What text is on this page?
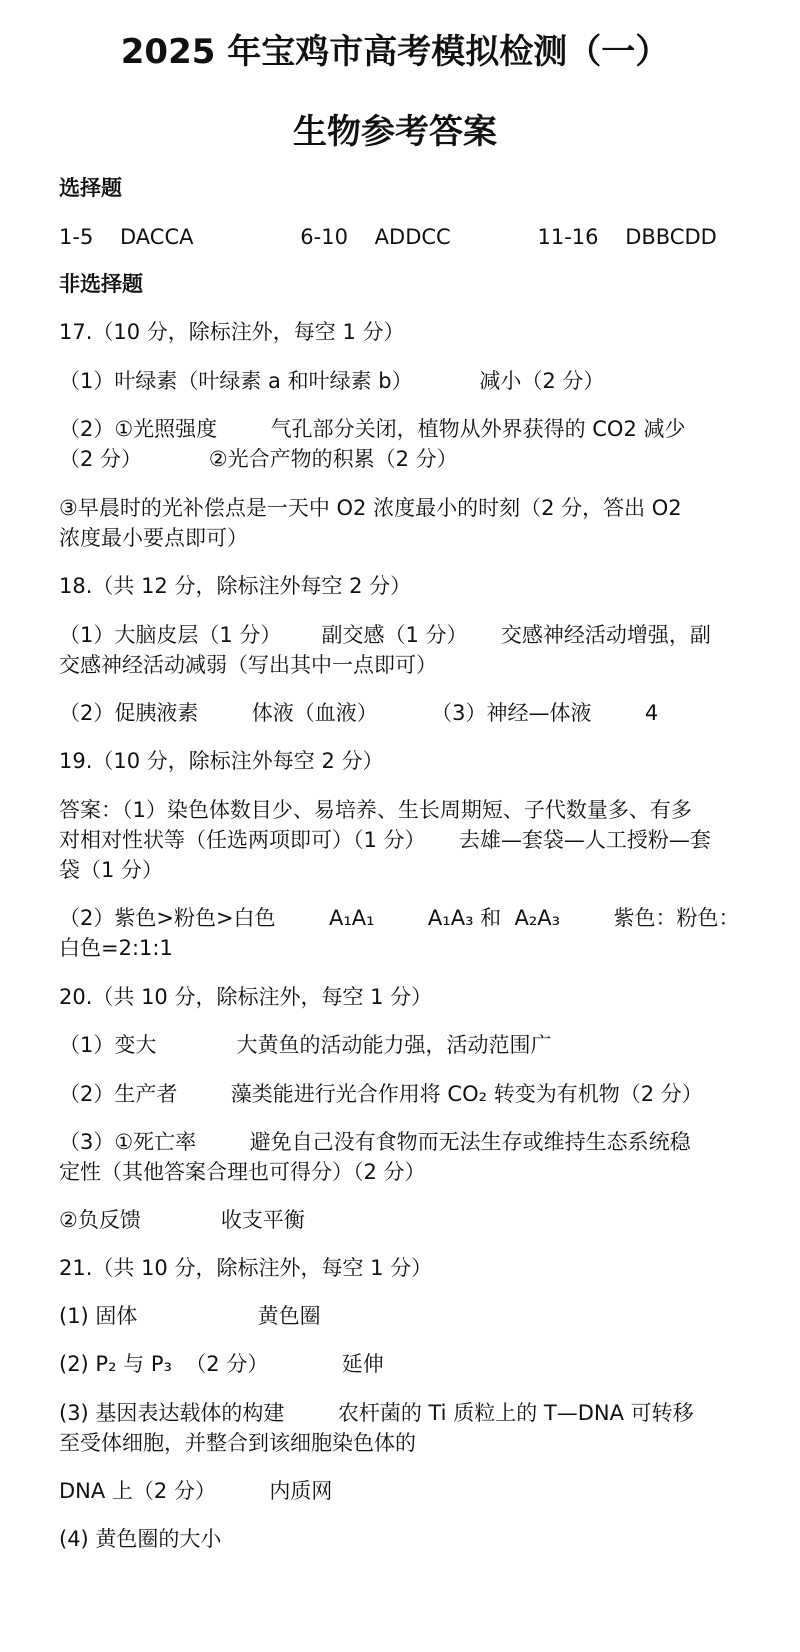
2025 年宝鸡市高考模拟检测（一）
生物参考答案
选择题
1-5    DACCA                6-10    ADDCC             11-16    DBBCDD
非选择题
17.（10 分，除标注外，每空 1 分）
（1）叶绿素（叶绿素 a 和叶绿素 b）          减小（2 分）
（2）①光照强度        气孔部分关闭，植物从外界获得的 CO2 减少
（2 分）          ②光合产物的积累（2 分）
③早晨时的光补偿点是一天中 O2 浓度最小的时刻（2 分，答出 O2
浓度最小要点即可）
18.（共 12 分，除标注外每空 2 分）
（1）大脑皮层（1 分）      副交感（1 分）     交感神经活动增强，副
交感神经活动减弱（写出其中一点即可）
（2）促胰液素        体液（血液）        （3）神经—体液        4
19.（10 分，除标注外每空 2 分）
答案：（1）染色体数目少、易培养、生长周期短、子代数量多、有多
对相对性状等（任选两项即可）（1 分）     去雄—套袋—人工授粉—套
袋（1 分）
（2）紫色>粉色>白色        A₁A₁        A₁A₃ 和  A₂A₃        紫色：粉色：
白色=2:1:1
20.（共 10 分，除标注外，每空 1 分）
（1）变大            大黄鱼的活动能力强，活动范围广
（2）生产者        藻类能进行光合作用将 CO₂ 转变为有机物（2 分）
（3）①死亡率        避免自己没有食物而无法生存或维持生态系统稳
定性（其他答案合理也可得分）（2 分）
②负反馈            收支平衡
21.（共 10 分，除标注外，每空 1 分）
(1) 固体                  黄色圈
(2) P₂ 与 P₃  （2 分）           延伸
(3) 基因表达载体的构建        农杆菌的 Ti 质粒上的 T—DNA 可转移
至受体细胞，并整合到该细胞染色体的
DNA 上（2 分）        内质网
(4) 黄色圈的大小
